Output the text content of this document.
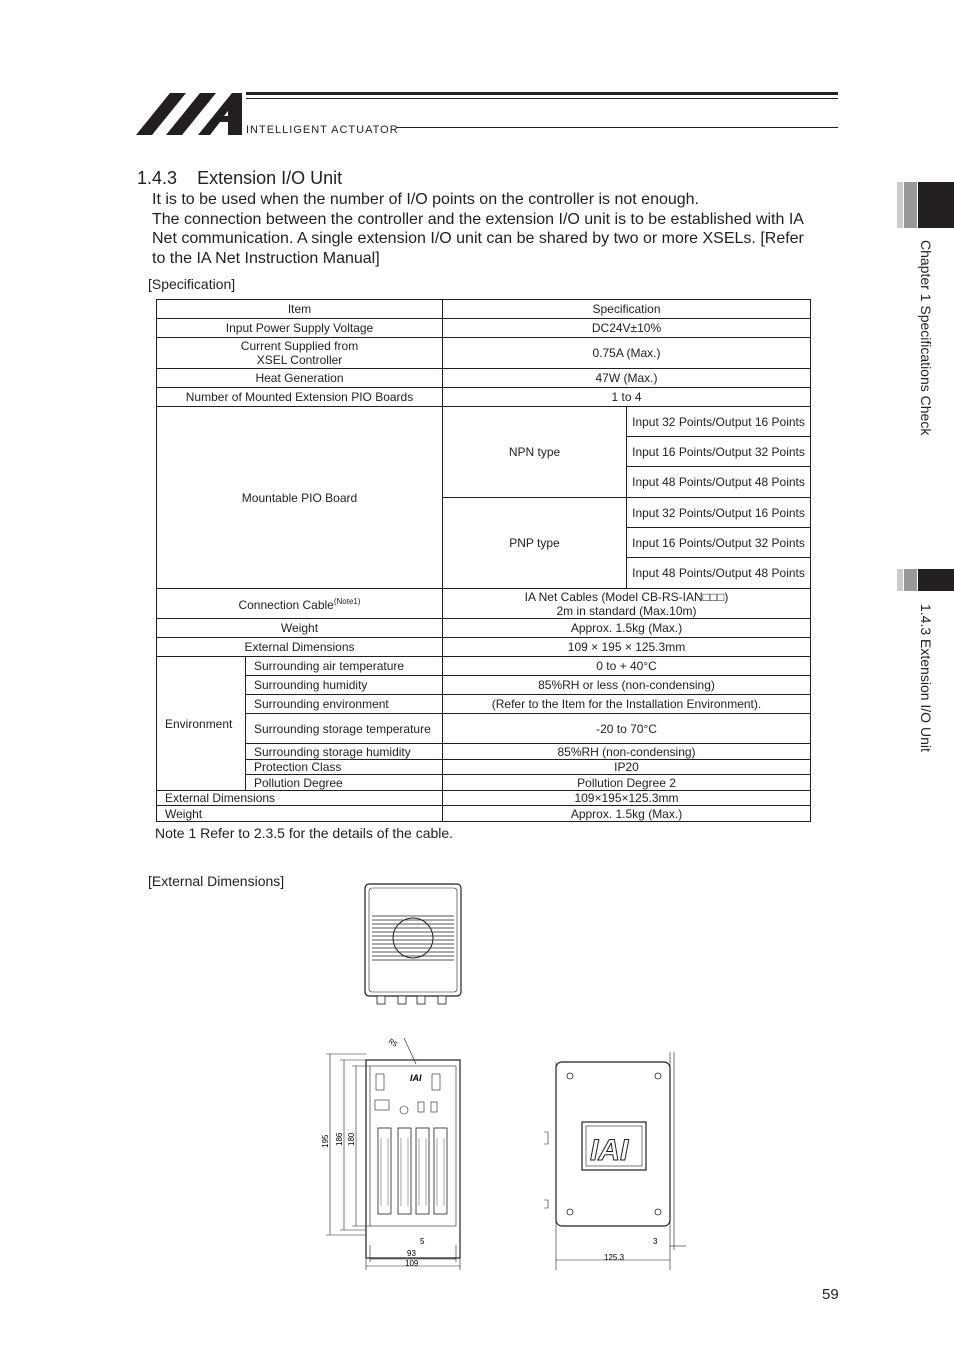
INTELLIGENT ACTUATOR
1.4.3 Extension I/O Unit
It is to be used when the number of I/O points on the controller is not enough.
The connection between the controller and the extension I/O unit is to be established with IA
Net communication. A single extension I/O unit can be shared by two or more XSELs. [Refer
to the IA Net Instruction Manual]
[Specification]
Item		Specification	
Input Power Supply Voltage		DC24V±10%	

Current Supplied from
XSEL Controller		0.75A (Max.)	
Heat Generation		47W (Max.)	
Number of Mounted Extension PIO Boards		1 to 4	
Mountable PIO Board		NPN type	Input 32 Points/Output 16 Points
			Input 16 Points/Output 32 Points
			Input 48 Points/Output 48 Points
		PNP type	Input 32 Points/Output 16 Points
			Input 16 Points/Output 32 Points
			Input 48 Points/Output 48 Points
Connection Cable$^{(Note1)}$		IA Net Cables (Model CB-RS-IAN□□□)
2m in standard (Max.10m)	

Weight		Approx. 1.5kg (Max.)	
External Dimensions		109 × 195 × 125.3mm	
Environment	Surrounding air temperature	0 to + 40°C	
	Surrounding humidity	85%RH or less (non-condensing)	
	Surrounding environment	(Refer to the Item for the Installation Environment).	
	Surrounding storage temperature	-20 to 70°C	
	Surrounding storage humidity	85%RH (non-condensing)	
	Protection Class	IP20	
	Pollution Degree	Pollution Degree 2	
External Dimensions		109×195×125.3mm	
Weight		Approx. 1.5kg (Max.)	
Note 1 Refer to 2.3.5 for the details of the cable.
[External Dimensions]
IAI
195 186 180
93
109
5
R5
IAI
125.3
3
Chapter 1 Specifications Check
1.4.3 Extension I/O Unit
59
